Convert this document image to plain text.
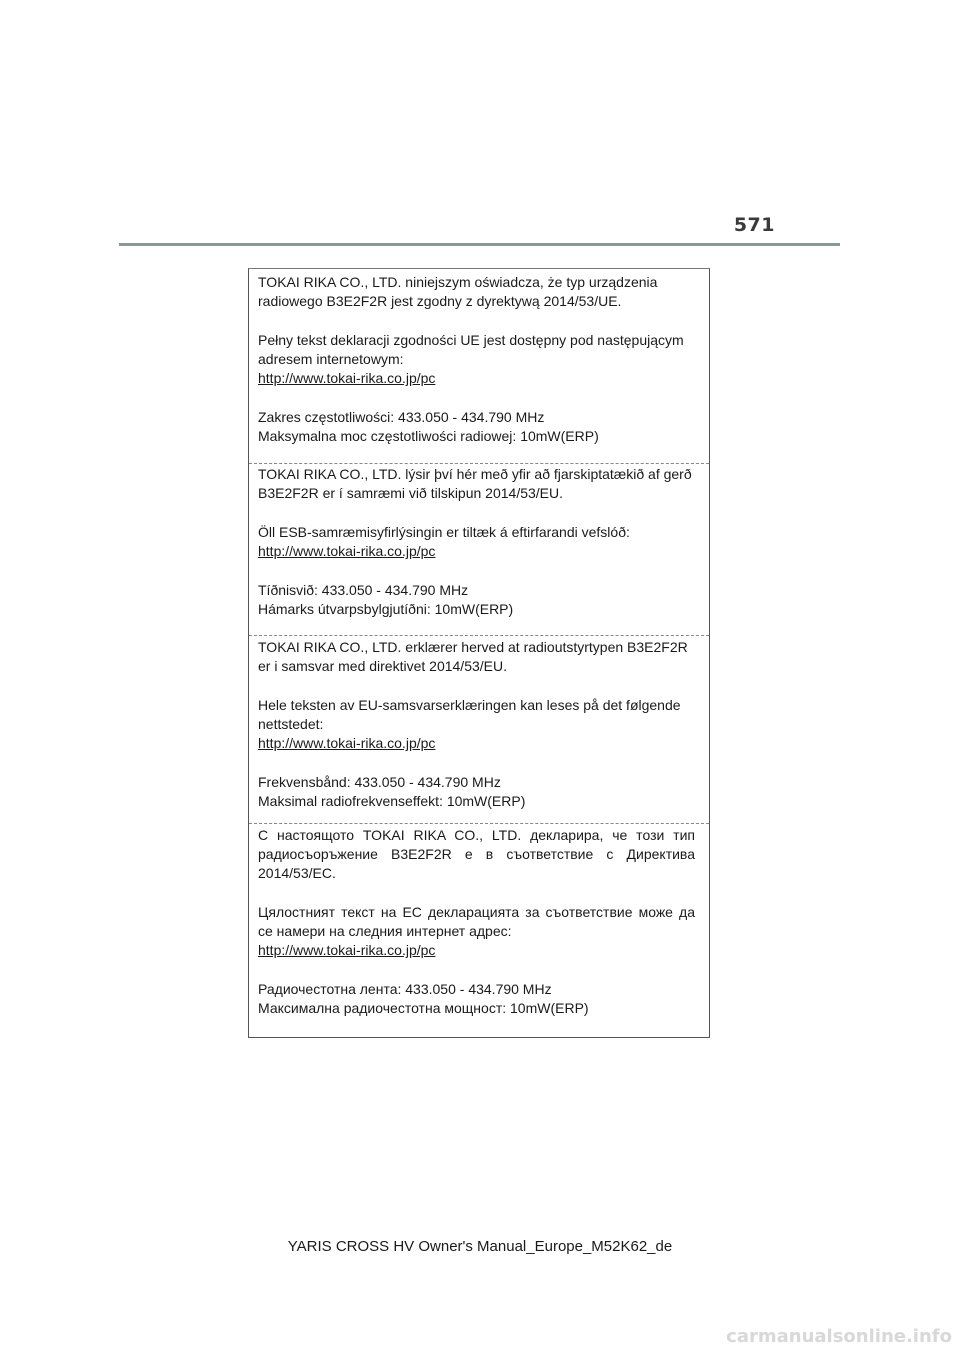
571

TOKAI RIKA CO., LTD. niniejszym oświadcza, że typ urządzenia

radiowego B3E2F2R jest zgodny z dyrektywą 2014/53/UE.

Pełny tekst deklaracji zgodności UE jest dostępny pod następującym

adresem internetowym:

http://www.tokai-rika.co.jp/pc

Zakres częstotliwości: 433.050 - 434.790 MHz

Maksymalna moc częstotliwości radiowej: 10mW(ERP)

TOKAI RIKA CO., LTD. lýsir því hér með yfir að fjarskiptatækið af gerð

B3E2F2R er í samræmi við tilskipun 2014/53/EU.

Öll ESB-samræmisyfirlýsingin er tiltæk á eftirfarandi vefslóð:

http://www.tokai-rika.co.jp/pc

Tíðnisvið: 433.050 - 434.790 MHz

Hámarks útvarpsbylgjutíðni: 10mW(ERP)

TOKAI RIKA CO., LTD. erklærer herved at radioutstyrtypen B3E2F2R

er i samsvar med direktivet 2014/53/EU.

Hele teksten av EU-samsvarserklæringen kan leses på det følgende

nettstedet:

http://www.tokai-rika.co.jp/pc

Frekvensbånd: 433.050 - 434.790 MHz

Maksimal radiofrekvenseffekt: 10mW(ERP)

С настоящото TOKAI RIKA CO., LTD. декларира, че този тип

радиосъоръжение B3E2F2R е в съответствие с Директива

2014/53/ЕС.

Цялостният текст на ЕС декларацията за съответствие може да

се намери на следния интернет адрес:

http://www.tokai-rika.co.jp/pc

Радиочестотна лента: 433.050 - 434.790 MHz

Максимална радиочестотна мощност: 10mW(ERP)

YARIS CROSS HV Owner's Manual_Europe_M52K62_de
carmanualsonline.info
